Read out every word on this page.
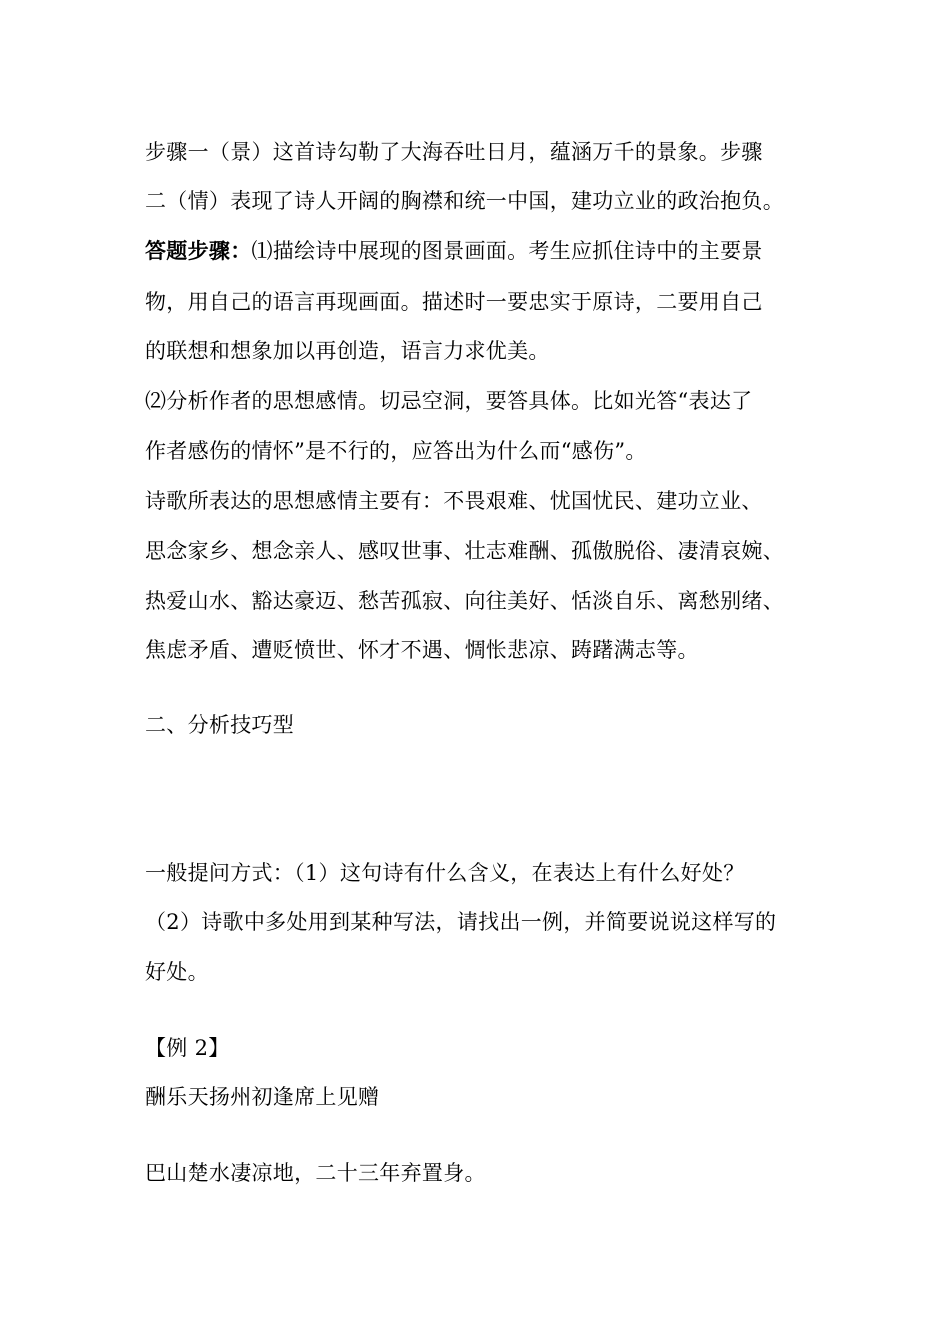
步骤一（景）这首诗勾勒了大海吞吐日月，蕴涵万千的景象。步骤
二（情）表现了诗人开阔的胸襟和统一中国，建功立业的政治抱负。
答题步骤：⑴描绘诗中展现的图景画面。考生应抓住诗中的主要景
物，用自己的语言再现画面。描述时一要忠实于原诗，二要用自己
的联想和想象加以再创造，语言力求优美。
⑵分析作者的思想感情。切忌空洞，要答具体。比如光答“表达了
作者感伤的情怀”是不行的，应答出为什么而“感伤”。
诗歌所表达的思想感情主要有：不畏艰难、忧国忧民、建功立业、
思念家乡、想念亲人、感叹世事、壮志难酬、孤傲脱俗、凄清哀婉、
热爱山水、豁达豪迈、愁苦孤寂、向往美好、恬淡自乐、离愁别绪、
焦虑矛盾、遭贬愤世、怀才不遇、惆怅悲凉、踌躇满志等。
二、分析技巧型
一般提问方式：（1）这句诗有什么含义，在表达上有什么好处？
（2）诗歌中多处用到某种写法，请找出一例，并简要说说这样写的
好处。
【例 2】
酬乐天扬州初逢席上见赠
巴山楚水凄凉地，二十三年弃置身。
